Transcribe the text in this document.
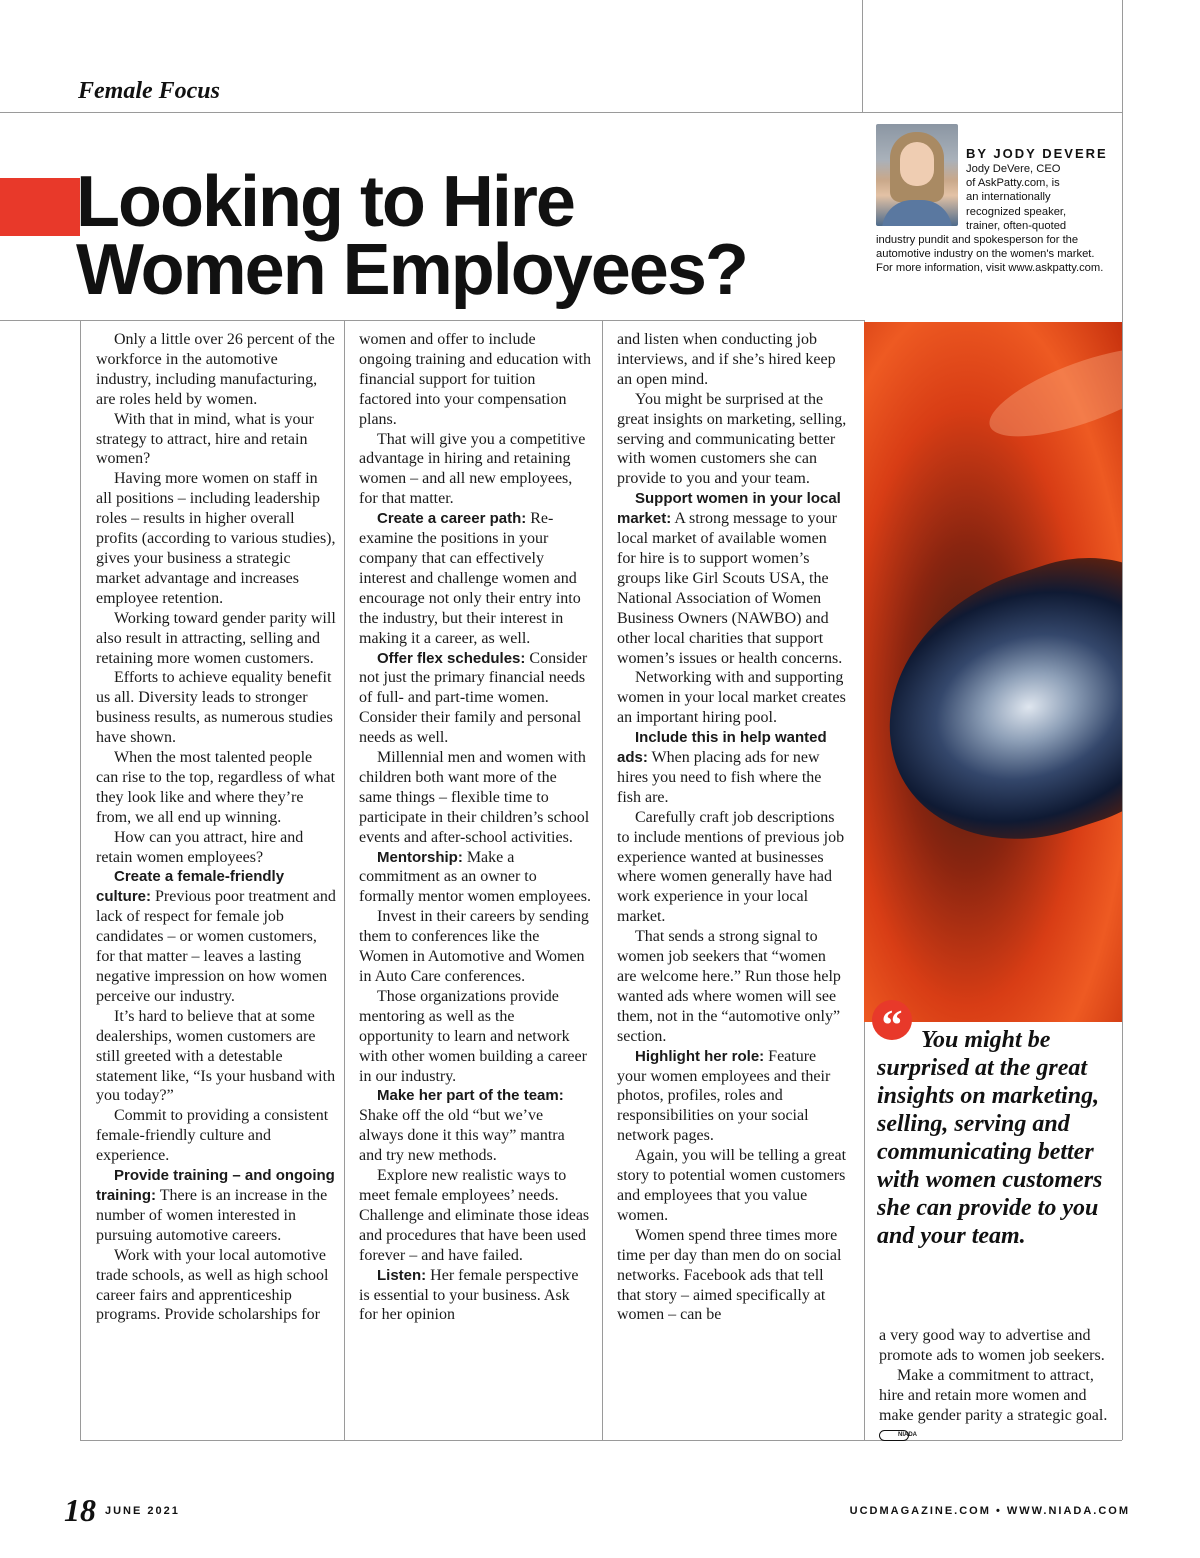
Female Focus
Looking to Hire
Women Employees?
BY JODY DEVERE
Jody DeVere, CEO
of AskPatty.com, is
an internationally
recognized speaker,
trainer, often-quoted
industry pundit and spokesperson for the automotive industry on the women's market. For more information, visit www.askpatty.com.

Only a little over 26 percent of the workforce in the automotive industry, including manufacturing, are roles held by women.

With that in mind, what is your strategy to attract, hire and retain women?

Having more women on staff in all positions – including leadership roles – results in higher overall profits (according to various studies), gives your business a strategic market advantage and increases employee retention.

Working toward gender parity will also result in attracting, selling and retaining more women customers.

Efforts to achieve equality benefit us all. Diversity leads to stronger business results, as numerous studies have shown.

When the most talented people can rise to the top, regardless of what they look like and where they’re from, we all end up winning.

How can you attract, hire and retain women employees?

Create a female-friendly culture: Previous poor treatment and lack of respect for female job candidates – or women customers, for that matter – leaves a lasting negative impression on how women perceive our industry.

It’s hard to believe that at some dealerships, women customers are still greeted with a detestable statement like, “Is your husband with you today?”

Commit to providing a consistent female-friendly culture and experience.

Provide training – and ongoing training: There is an increase in the number of women interested in pursuing automotive careers.

Work with your local automotive trade schools, as well as high school career fairs and apprenticeship programs. Provide scholarships for

women and offer to include ongoing training and education with financial support for tuition factored into your compensation plans.

That will give you a competitive advantage in hiring and retaining women – and all new employees, for that matter.

Create a career path: Re-examine the positions in your company that can effectively interest and challenge women and encourage not only their entry into the industry, but their interest in making it a career, as well.

Offer flex schedules: Consider not just the primary financial needs of full- and part-time women. Consider their family and personal needs as well.

Millennial men and women with children both want more of the same things – flexible time to participate in their children’s school events and after-school activities.

Mentorship: Make a commitment as an owner to formally mentor women employees.

Invest in their careers by sending them to conferences like the Women in Automotive and Women in Auto Care conferences.

Those organizations provide mentoring as well as the opportunity to learn and network with other women building a career in our industry.

Make her part of the team: Shake off the old “but we’ve always done it this way” mantra and try new methods.

Explore new realistic ways to meet female employees’ needs. Challenge and eliminate those ideas and procedures that have been used forever – and have failed.

Listen: Her female perspective is essential to your business. Ask for her opinion

and listen when conducting job interviews, and if she’s hired keep an open mind.

You might be surprised at the great insights on marketing, selling, serving and communicating better with women customers she can provide to you and your team.

Support women in your local market: A strong message to your local market of available women for hire is to support women’s groups like Girl Scouts USA, the National Association of Women Business Owners (NAWBO) and other local charities that support women’s issues or health concerns.

Networking with and supporting women in your local market creates an important hiring pool.

Include this in help wanted ads: When placing ads for new hires you need to fish where the fish are.

Carefully craft job descriptions to include mentions of previous job experience wanted at businesses where women generally have had work experience in your local market.

That sends a strong signal to women job seekers that “women are welcome here.” Run those help wanted ads where women will see them, not in the “automotive only” section.

Highlight her role: Feature your women employees and their photos, profiles, roles and responsibilities on your social network pages.

Again, you will be telling a great story to potential women customers and employees that you value women.

Women spend three times more time per day than men do on social networks. Facebook ads that tell that story – aimed specifically at women – can be

“ You might be
surprised at the great insights on marketing, selling, serving and communicating better with women customers she can provide to you and your team.

a very good way to advertise and promote ads to women job seekers.

Make a commitment to attract, hire and retain more women and make gender parity a strategic goal. NIADA

18 JUNE 2021	UCDMAGAZINE.COM • WWW.NIADA.COM
